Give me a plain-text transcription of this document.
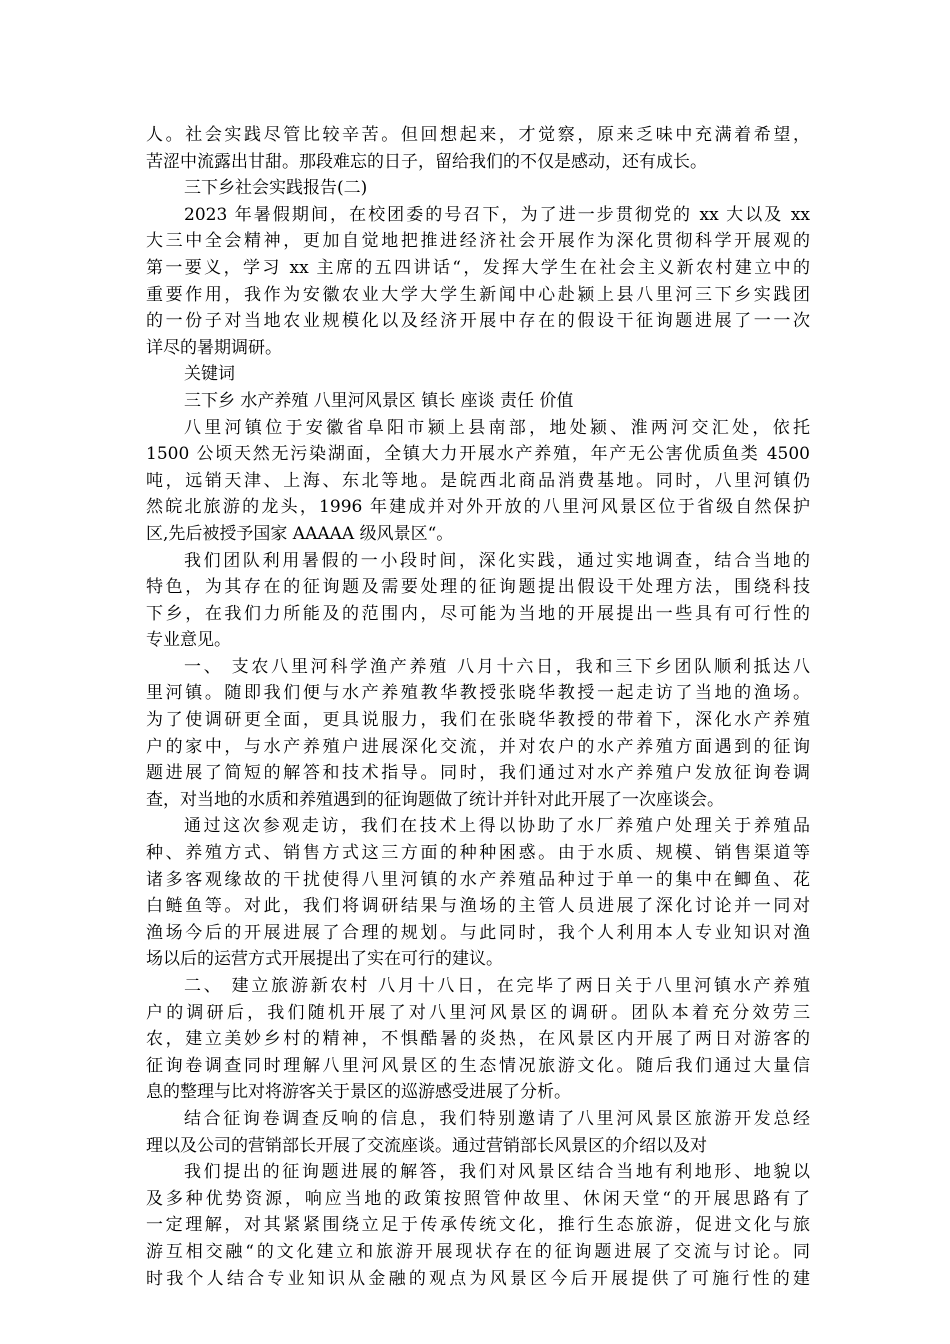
人。社会实践尽管比较辛苦。但回想起来，才觉察，原来乏味中充满着希望，
苦涩中流露出甘甜。那段难忘的日子，留给我们的不仅是感动，还有成长。
三下乡社会实践报告(二)
2023 年暑假期间，在校团委的号召下，为了进一步贯彻党的 xx 大以及 xx
大三中全会精神，更加自觉地把推进经济社会开展作为深化贯彻科学开展观的
第一要义，学习 xx 主席的五四讲话“，发挥大学生在社会主义新农村建立中的
重要作用，我作为安徽农业大学大学生新闻中心赴颍上县八里河三下乡实践团
的一份子对当地农业规模化以及经济开展中存在的假设干征询题进展了一一次
详尽的暑期调研。
关键词
三下乡 水产养殖 八里河风景区 镇长 座谈 责任 价值
八里河镇位于安徽省阜阳市颍上县南部，地处颍、淮两河交汇处，依托
1500 公顷天然无污染湖面，全镇大力开展水产养殖，年产无公害优质鱼类 4500
吨，远销天津、上海、东北等地。是皖西北商品消费基地。同时，八里河镇仍
然皖北旅游的龙头，1996 年建成并对外开放的八里河风景区位于省级自然保护
区,先后被授予国家 AAAAA 级风景区“。
我们团队利用暑假的一小段时间，深化实践，通过实地调查，结合当地的
特色，为其存在的征询题及需要处理的征询题提出假设干处理方法，围绕科技
下乡，在我们力所能及的范围内，尽可能为当地的开展提出一些具有可行性的
专业意见。
一、 支农八里河科学渔产养殖 八月十六日，我和三下乡团队顺利抵达八
里河镇。随即我们便与水产养殖教华教授张晓华教授一起走访了当地的渔场。
为了使调研更全面，更具说服力，我们在张晓华教授的带着下，深化水产养殖
户的家中，与水产养殖户进展深化交流，并对农户的水产养殖方面遇到的征询
题进展了简短的解答和技术指导。同时，我们通过对水产养殖户发放征询卷调
查，对当地的水质和养殖遇到的征询题做了统计并针对此开展了一次座谈会。
通过这次参观走访，我们在技术上得以协助了水厂养殖户处理关于养殖品
种、养殖方式、销售方式这三方面的种种困惑。由于水质、规模、销售渠道等
诸多客观缘故的干扰使得八里河镇的水产养殖品种过于单一的集中在鲫鱼、花
白鲢鱼等。对此，我们将调研结果与渔场的主管人员进展了深化讨论并一同对
渔场今后的开展进展了合理的规划。与此同时，我个人利用本人专业知识对渔
场以后的运营方式开展提出了实在可行的建议。
二、 建立旅游新农村 八月十八日，在完毕了两日关于八里河镇水产养殖
户的调研后，我们随机开展了对八里河风景区的调研。团队本着充分效劳三
农，建立美妙乡村的精神，不惧酷暑的炎热，在风景区内开展了两日对游客的
征询卷调查同时理解八里河风景区的生态情况旅游文化。随后我们通过大量信
息的整理与比对将游客关于景区的巡游感受进展了分析。
结合征询卷调查反响的信息，我们特别邀请了八里河风景区旅游开发总经
理以及公司的营销部长开展了交流座谈。通过营销部长风景区的介绍以及对
我们提出的征询题进展的解答，我们对风景区结合当地有利地形、地貌以
及多种优势资源，响应当地的政策按照管仲故里、休闲天堂“的开展思路有了
一定理解，对其紧紧围绕立足于传承传统文化，推行生态旅游，促进文化与旅
游互相交融“的文化建立和旅游开展现状存在的征询题进展了交流与讨论。同
时我个人结合专业知识从金融的观点为风景区今后开展提供了可施行性的建
